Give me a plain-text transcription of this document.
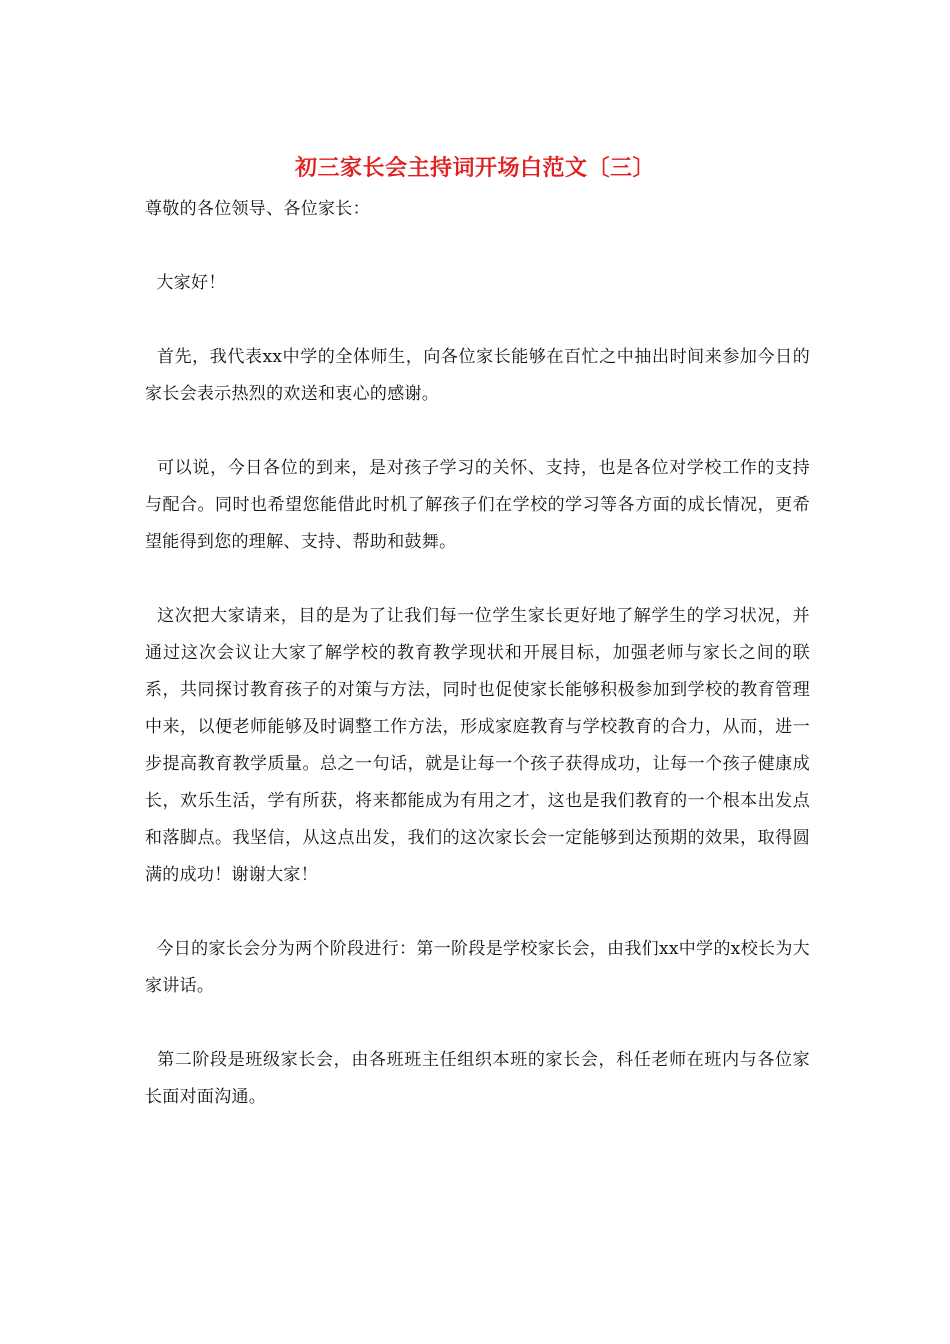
初三家长会主持词开场白范文〔三〕

尊敬的各位领导、各位家长：

大家好！

首先，我代表xx中学的全体师生，向各位家长能够在百忙之中抽出时间来参加今日的家长会表示热烈的欢送和衷心的感谢。

可以说，今日各位的到来，是对孩子学习的关怀、支持，也是各位对学校工作的支持与配合。同时也希望您能借此时机了解孩子们在学校的学习等各方面的成长情况，更希望能得到您的理解、支持、帮助和鼓舞。

这次把大家请来，目的是为了让我们每一位学生家长更好地了解学生的学习状况，并通过这次会议让大家了解学校的教育教学现状和开展目标，加强老师与家长之间的联系，共同探讨教育孩子的对策与方法，同时也促使家长能够积极参加到学校的教育管理中来，以便老师能够及时调整工作方法，形成家庭教育与学校教育的合力，从而，进一步提高教育教学质量。总之一句话，就是让每一个孩子获得成功，让每一个孩子健康成长，欢乐生活，学有所获，将来都能成为有用之才，这也是我们教育的一个根本出发点和落脚点。我坚信，从这点出发，我们的这次家长会一定能够到达预期的效果，取得圆满的成功！谢谢大家！

今日的家长会分为两个阶段进行：第一阶段是学校家长会，由我们xx中学的x校长为大家讲话。

第二阶段是班级家长会，由各班班主任组织本班的家长会，科任老师在班内与各位家长面对面沟通。
